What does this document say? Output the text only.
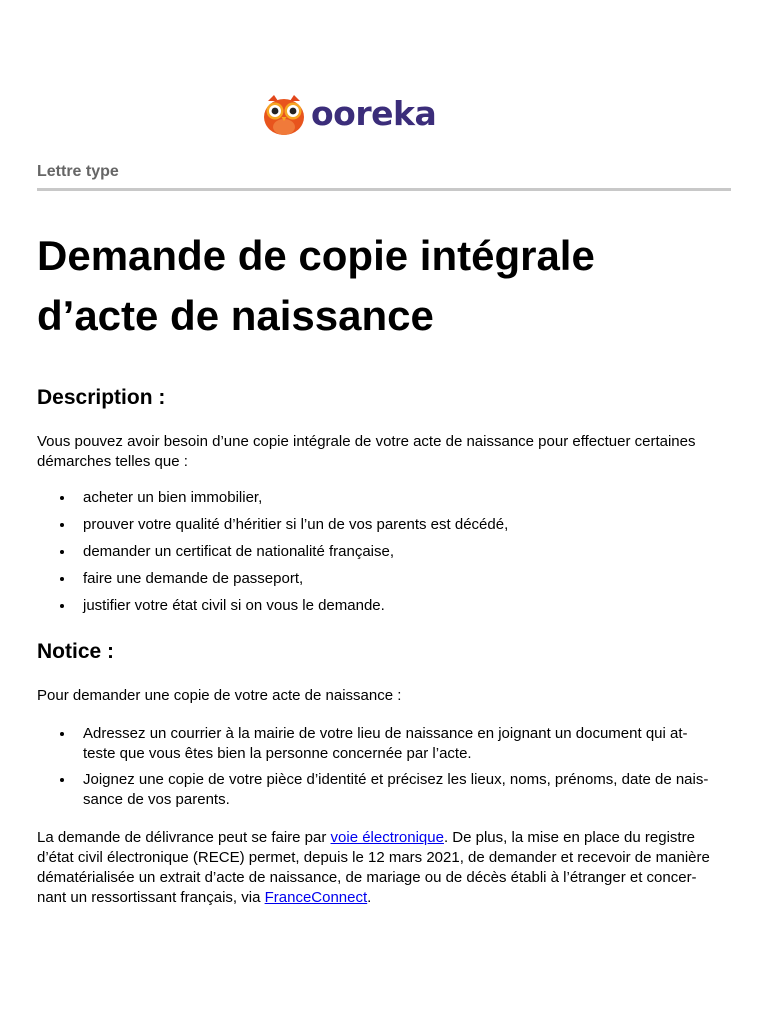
ooreka
Lettre type
Demande de copie intégrale
d’acte de naissance
Description :

Vous pouvez avoir besoin d’une copie intégrale de votre acte de naissance pour effectuer certaines
démarches telles que :

acheter un bien immobilier,
prouver votre qualité d’héritier si l’un de vos parents est décédé,
demander un certificat de nationalité française,
faire une demande de passeport,
justifier votre état civil si on vous le demande.
Notice :

Pour demander une copie de votre acte de naissance :

Adressez un courrier à la mairie de votre lieu de naissance en joignant un document qui at-
teste que vous êtes bien la personne concernée par l’acte.
Joignez une copie de votre pièce d’identité et précisez les lieux, noms, prénoms, date de nais-
sance de vos parents.

La demande de délivrance peut se faire par voie électronique. De plus, la mise en place du registre
d’état civil électronique (RECE) permet, depuis le 12 mars 2021, de demander et recevoir de manière
dématérialisée un extrait d’acte de naissance, de mariage ou de décès établi à l’étranger et concer-
nant un ressortissant français, via FranceConnect.
